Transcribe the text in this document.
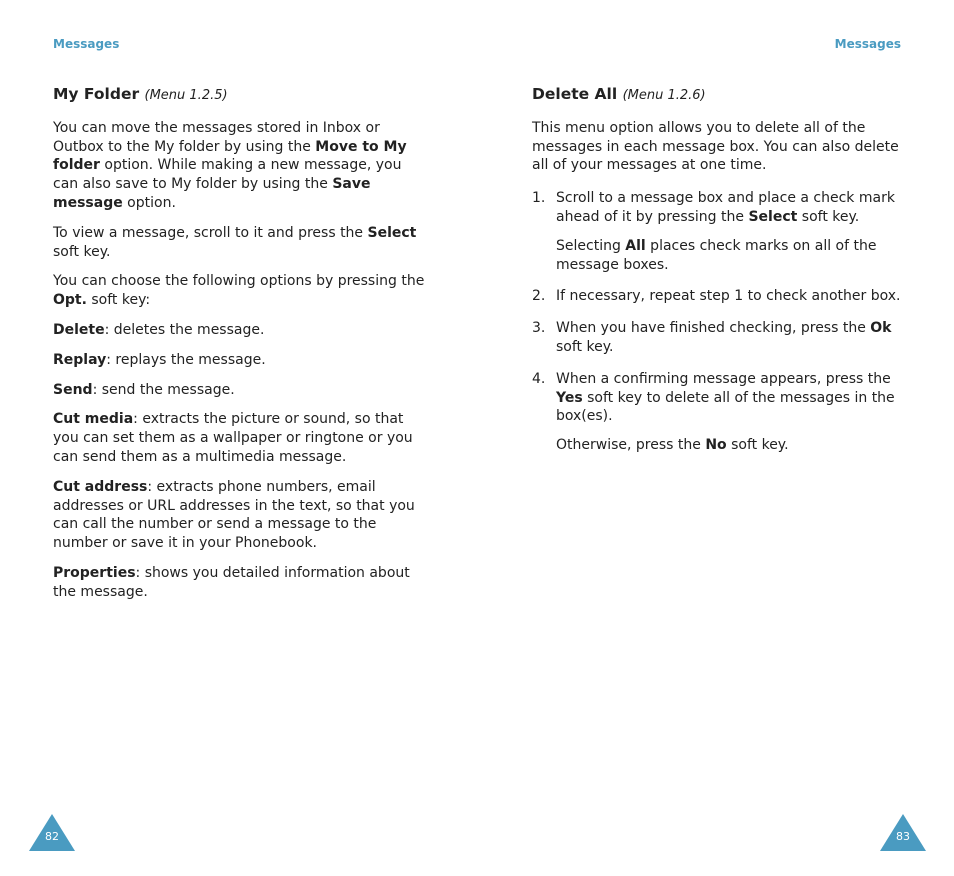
Messages
My Folder (Menu 1.2.5)

You can move the messages stored in Inbox or Outbox to the My folder by using the Move to My folder option. While making a new message, you can also save to My folder by using the Save message option.

To view a message, scroll to it and press the Select soft key.

You can choose the following options by pressing the Opt. soft key:

Delete: deletes the message.

Replay: replays the message.

Send: send the message.

Cut media: extracts the picture or sound, so that you can set them as a wallpaper or ringtone or you can send them as a multimedia message.

Cut address: extracts phone numbers, email addresses or URL addresses in the text, so that you can call the number or send a message to the number or save it in your Phonebook.

Properties: shows you detailed information about the message.

82
Messages
Delete All (Menu 1.2.6)

This menu option allows you to delete all of the messages in each message box. You can also delete all of your messages at one time.

1. Scroll to a message box and place a check mark ahead of it by pressing the Select soft key.

Selecting All places check marks on all of the message boxes.

2. If necessary, repeat step 1 to check another box.

3. When you have finished checking, press the Ok soft key.

4. When a confirming message appears, press the Yes soft key to delete all of the messages in the box(es).

Otherwise, press the No soft key.

83
